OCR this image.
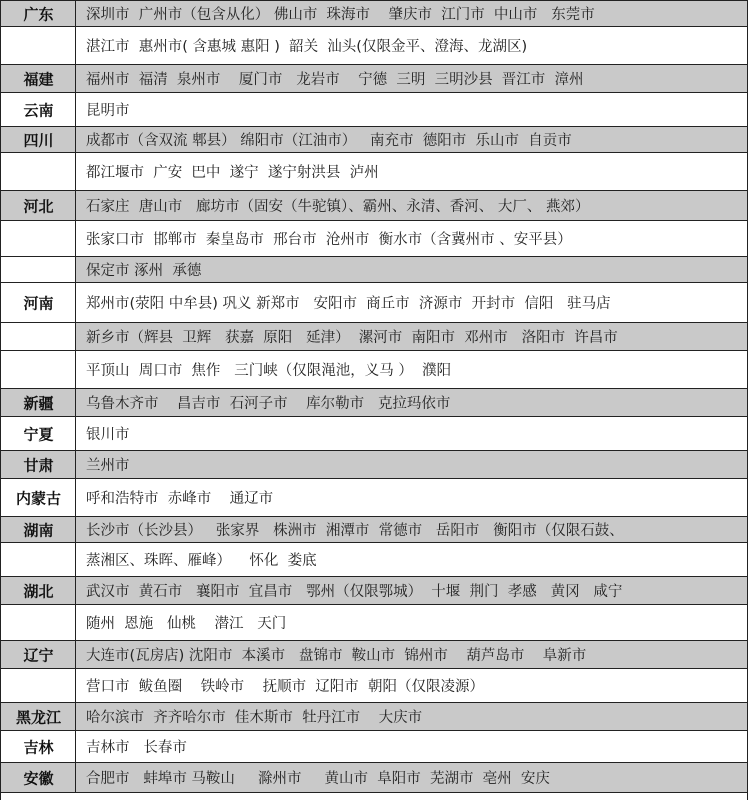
深圳市  广州市（包含从化） 佛山市  珠海市    肇庆市  江门市  中山市   东莞市
湛江市  惠州市( 含惠城 惠阳 )  韶关  汕头(仅限金平、澄海、龙湖区)
广东
福州市  福清  泉州市    厦门市   龙岩市    宁德  三明  三明沙县  晋江市  漳州
福建
昆明市
云南
成都市（含双流 郫县） 绵阳市（江油市）   南充市  德阳市  乐山市  自贡市
都江堰市  广安  巴中  遂宁  遂宁射洪县  泸州
四川
石家庄  唐山市   廊坊市（固安（牛驼镇）、霸州、永清、香河、 大厂、 燕郊）
张家口市  邯郸市  秦皇岛市  邢台市  沧州市  衡水市（含冀州市 、安平县）
保定市 涿州  承德
河北
郑州市(荥阳 中牟县) 巩义 新郑市   安阳市  商丘市  济源市  开封市  信阳   驻马店
新乡市（辉县  卫辉   获嘉  原阳   延津）  漯河市  南阳市  邓州市   洛阳市  许昌市
平顶山  周口市  焦作   三门峡（仅限渑池，义马 ）  濮阳
河南
乌鲁木齐市    昌吉市  石河子市    库尔勒市   克拉玛依市
新疆
银川市
宁夏
兰州市
甘肃
呼和浩特市  赤峰市    通辽市
内蒙古
长沙市（长沙县）   张家界   株洲市  湘潭市  常德市   岳阳市   衡阳市（仅限石鼓、
蒸湘区、珠晖、雁峰）    怀化  娄底
湖南
武汉市  黄石市   襄阳市  宜昌市   鄂州（仅限鄂城）  十堰  荆门  孝感   黄冈   咸宁
随州  恩施   仙桃    潜江   天门
湖北
大连市(瓦房店) 沈阳市  本溪市   盘锦市  鞍山市  锦州市    葫芦岛市    阜新市
营口市  鲅鱼圈    铁岭市    抚顺市  辽阳市  朝阳（仅限凌源）
辽宁
哈尔滨市  齐齐哈尔市  佳木斯市  牡丹江市    大庆市
黑龙江
吉林市   长春市
吉林
合肥市   蚌埠市 马鞍山     滁州市     黄山市  阜阳市  芜湖市  亳州  安庆
安徽
